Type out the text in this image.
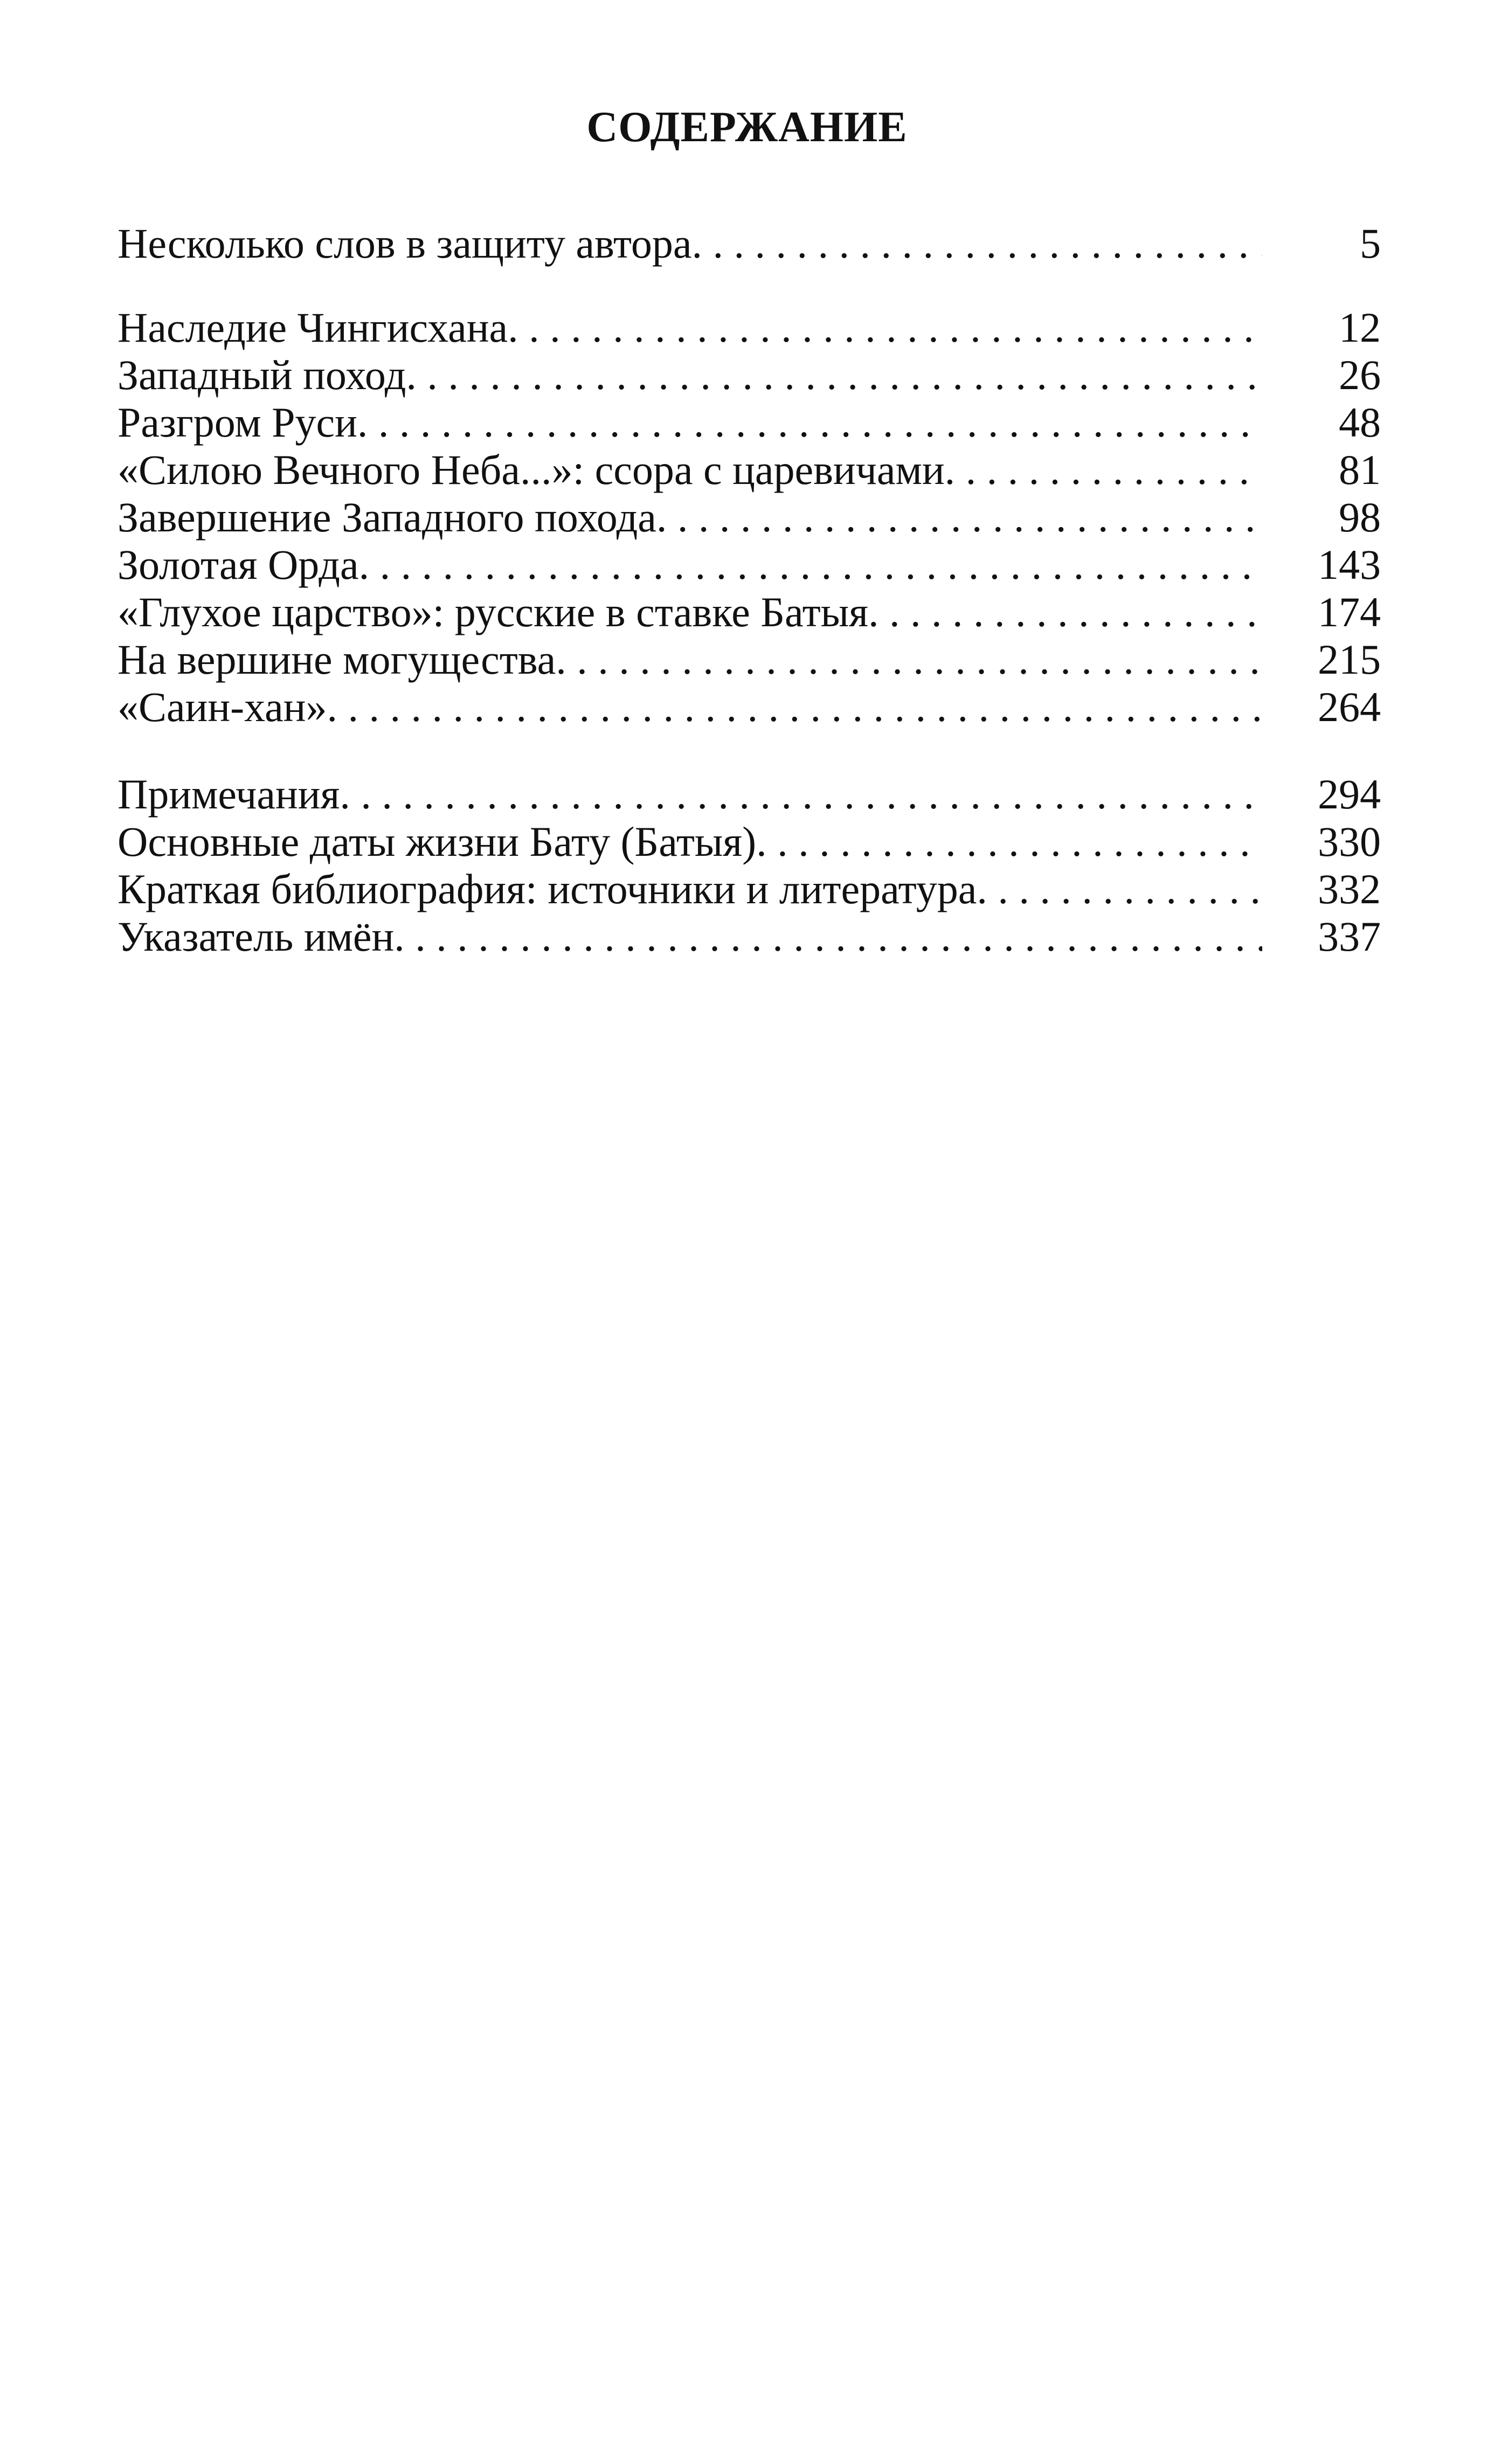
СОДЕРЖАНИЕ
Несколько слов в защиту автора . . .	5
Наследие Чингисхана . . .	12
Западный поход . . .	26
Разгром Руси . . .	48
«Силою Вечного Неба...»: ссора с царевичами . . .	81
Завершение Западного похода . . .	98
Золотая Орда . . .	143
«Глухое царство»: русские в ставке Батыя . . .	174
На вершине могущества . . .	215
«Саин-хан» . . .	264
Примечания . . .	294
Основные даты жизни Бату (Батыя) . . .	330
Краткая библиография: источники и литература . . .	332
Указатель имён . . .	337
